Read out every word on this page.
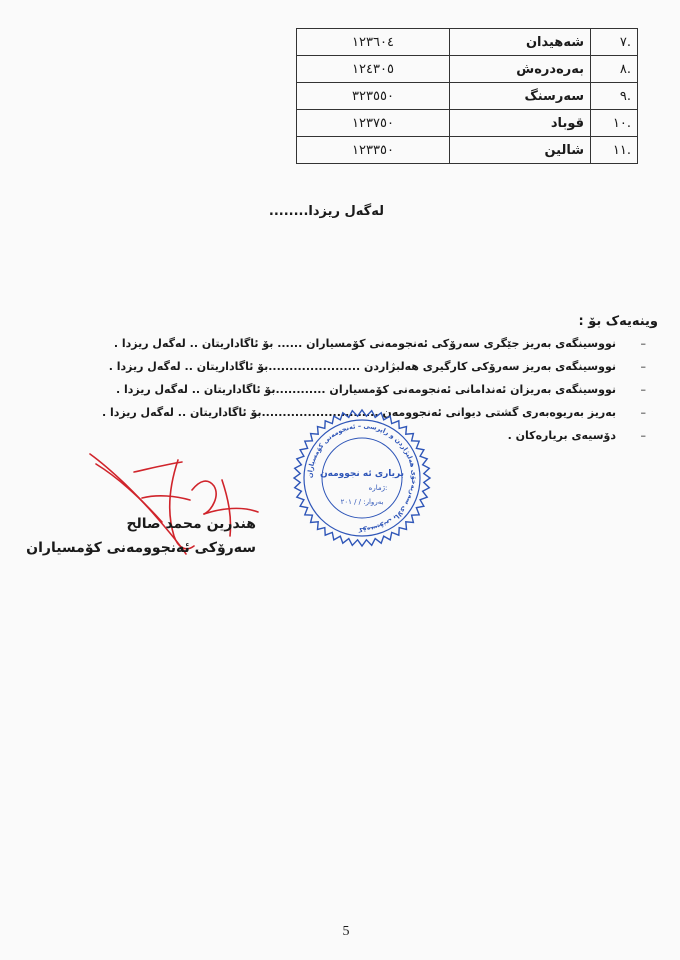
.٧	شەهیدان	١٢٣٦٠٤
.٨	بەرەدرەش	١٢٤٣٠٥
.٩	سەرسنگ	٣٢٣٥٥٠
.١٠	قوباد	١٢٣٧٥٠
.١١	شالین	١٢٣٣٥٠
لەگەل ریزدا........
وینەیەک بۆ :
–
نووسینگەی بەریز جێگری سەرۆکی ئەنجومەنی کۆمسیاران ...... بۆ ئاگاداریتان .. لەگەل ریزدا .
–
نووسینگەی بەریز سەرۆکی کارگیری هەلبژاردن ......................بۆ ئاگاداریتان .. لەگەل ریزدا .
–
نووسینگەی بەریزان ئەندامانی ئەنجومەنی کۆمسیاران ............بۆ ئاگاداریتان .. لەگەل ریزدا .
–
بەریز بەریوەبەری گشتی دیوانی ئەنجوومەن ............................بۆ ئاگاداریتان .. لەگەل ریزدا .
–
دۆسیەی بریارەکان .
کۆمسیۆنی بالای سەربەخۆی هەلبژاردن و راپرسی – ئەنجومەنی کۆمسیاران
بریاری ئە نجوومەن
ژمارە:
بەروار: / / ٢٠١
هندرين محمد صالح
سەرۆکی ئەنجوومەنی کۆمسیاران
5
